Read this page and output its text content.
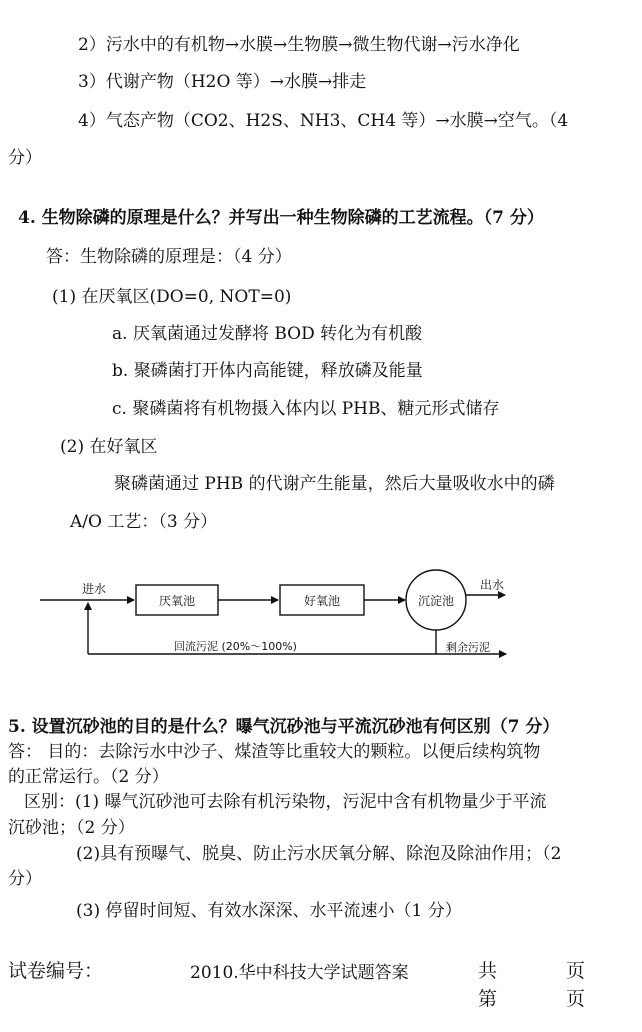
2）污水中的有机物→水膜→生物膜→微生物代谢→污水净化
3）代谢产物（H2O 等）→水膜→排走
4）气态产物（CO2、H2S、NH3、CH4 等）→水膜→空气。（4
分）
4. 生物除磷的原理是什么？并写出一种生物除磷的工艺流程。（7 分）
答：生物除磷的原理是：（4 分）
(1) 在厌氧区(DO=0, NOT=0)
a. 厌氧菌通过发酵将 BOD 转化为有机酸
b. 聚磷菌打开体内高能键，释放磷及能量
c. 聚磷菌将有机物摄入体内以 PHB、糖元形式储存
(2) 在好氧区
聚磷菌通过 PHB 的代谢产生能量，然后大量吸收水中的磷
A/O 工艺：（3 分）
进水
厌氧池	好氧池	沉淀池
出水
剩余污泥
回流污泥 (20%～100%)
5. 设置沉砂池的目的是什么？曝气沉砂池与平流沉砂池有何区别（7 分）
答： 目的：去除污水中沙子、煤渣等比重较大的颗粒。以便后续构筑物
的正常运行。（2 分）
区别：(1) 曝气沉砂池可去除有机污染物，污泥中含有机物量少于平流
沉砂池；（2 分）
(2)具有预曝气、脱臭、防止污水厌氧分解、除泡及除油作用；（2
分）
(3) 停留时间短、有效水深深、水平流速小（1 分）
试卷编号：	2010.华中科技大学试题答案	共	页
第	页
